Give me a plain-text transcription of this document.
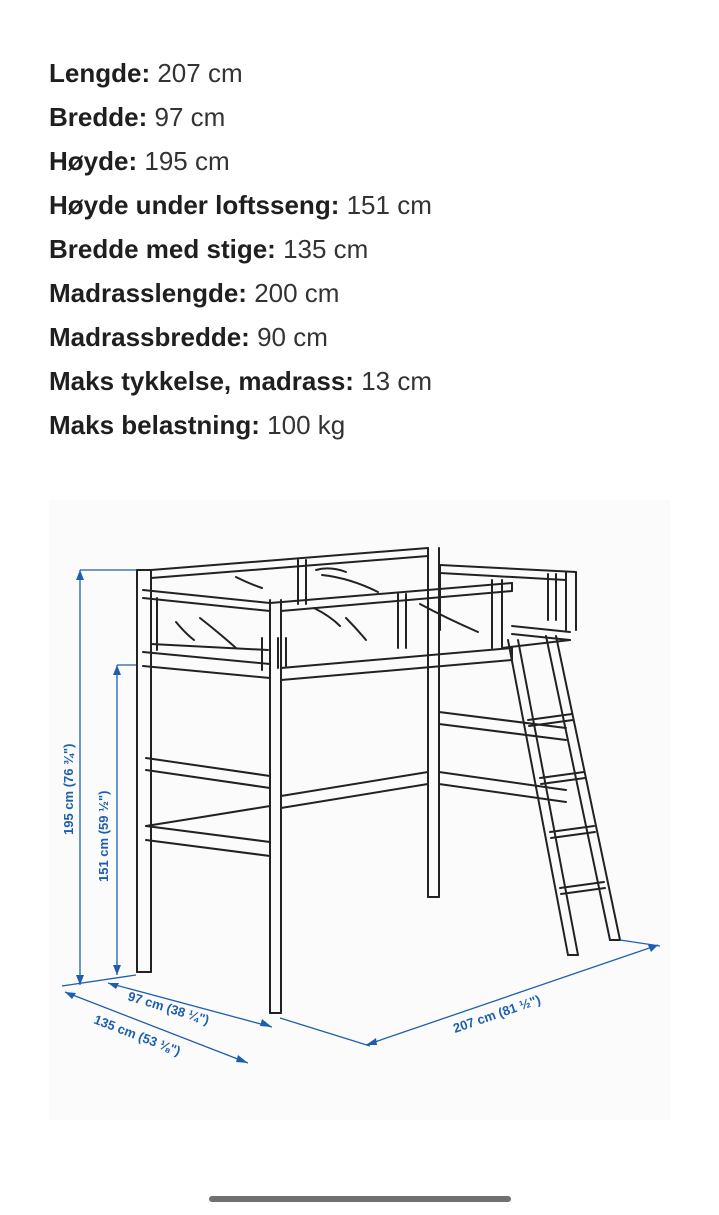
Lengde: 207 cm
Bredde: 97 cm
Høyde: 195 cm
Høyde under loftsseng: 151 cm
Bredde med stige: 135 cm
Madrasslengde: 200 cm
Madrassbredde: 90 cm
Maks tykkelse, madrass: 13 cm
Maks belastning: 100 kg
195 cm (76 ¾")
151 cm (59 ½")
97 cm (38 ¼")
135 cm (53 ⅛")	207 cm (81 ½")
